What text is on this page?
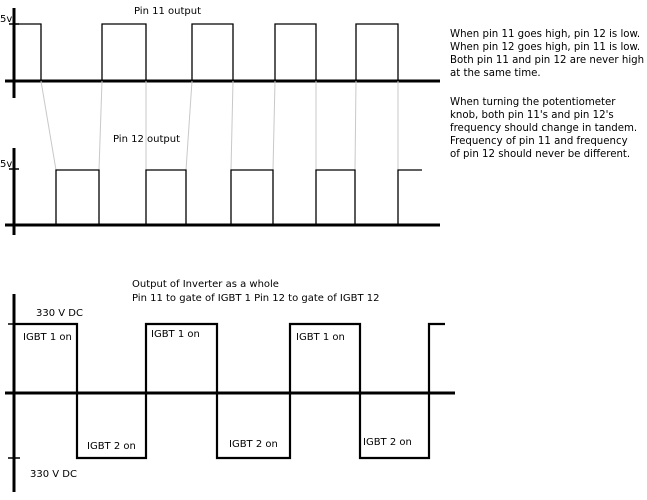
5v
Pin 11 output
5v
Pin 12 output
When pin 11 goes high, pin 12 is low.
When pin 12 goes high, pin 11 is low.
Both pin 11 and pin 12 are never high
at the same time.
When turning the potentiometer
knob, both pin 11's and pin 12's
frequency should change in tandem.
Frequency of pin 11 and frequency
of pin 12 should never be different.
Output of Inverter as a whole
Pin 11 to gate of IGBT 1 Pin 12 to gate of IGBT 12
330 V DC
330 V DC
IGBT 1 on	IGBT 1 on	IGBT 1 on
IGBT 2 on	IGBT 2 on	IGBT 2 on
